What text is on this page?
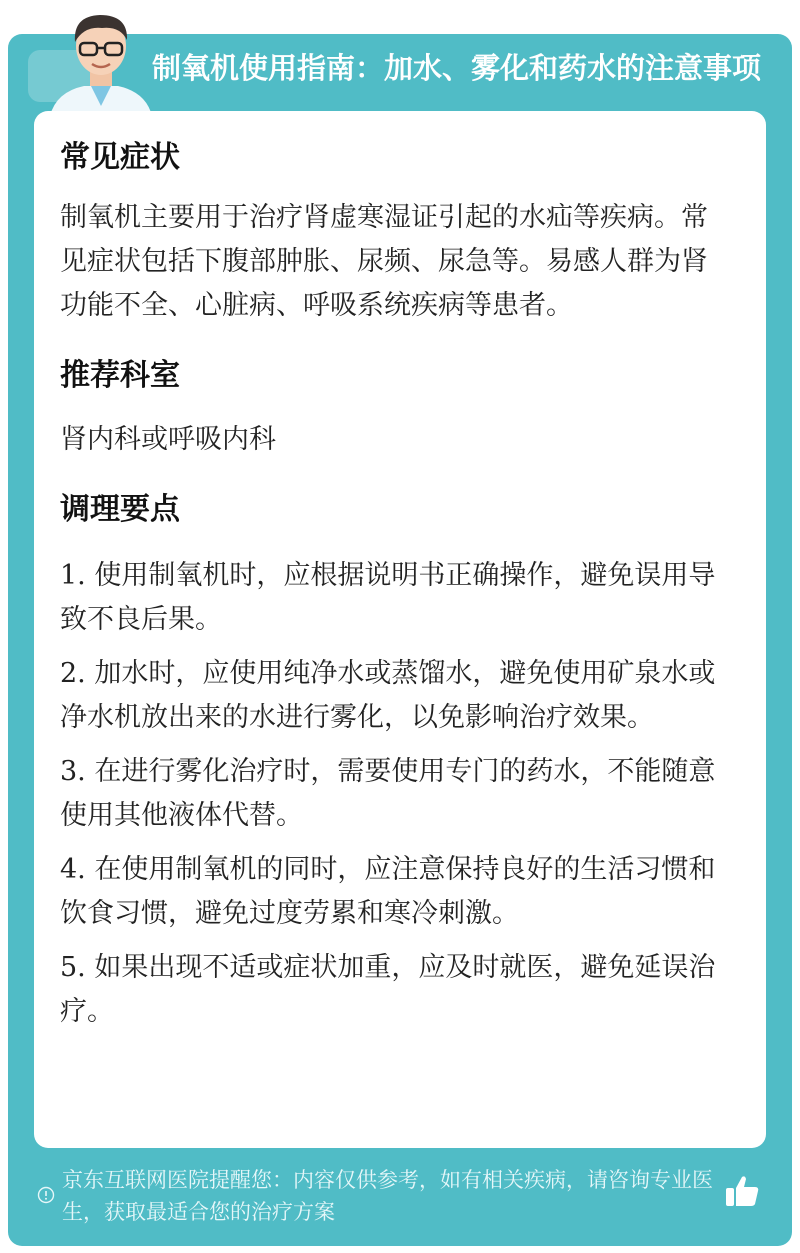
制氧机使用指南：加水、雾化和药水的注意事项
常见症状

制氧机主要用于治疗肾虚寒湿证引起的水疝等疾病。常见症状包括下腹部肿胀、尿频、尿急等。易感人群为肾功能不全、心脏病、呼吸系统疾病等患者。

推荐科室

肾内科或呼吸内科

调理要点

1. 使用制氧机时，应根据说明书正确操作，避免误用导致不良后果。

2. 加水时，应使用纯净水或蒸馏水，避免使用矿泉水或净水机放出来的水进行雾化，以免影响治疗效果。

3. 在进行雾化治疗时，需要使用专门的药水，不能随意使用其他液体代替。

4. 在使用制氧机的同时，应注意保持良好的生活习惯和饮食习惯，避免过度劳累和寒冷刺激。

5. 如果出现不适或症状加重，应及时就医，避免延误治疗。

京东互联网医院提醒您：内容仅供参考，如有相关疾病，请咨询专业医生，获取最适合您的治疗方案
